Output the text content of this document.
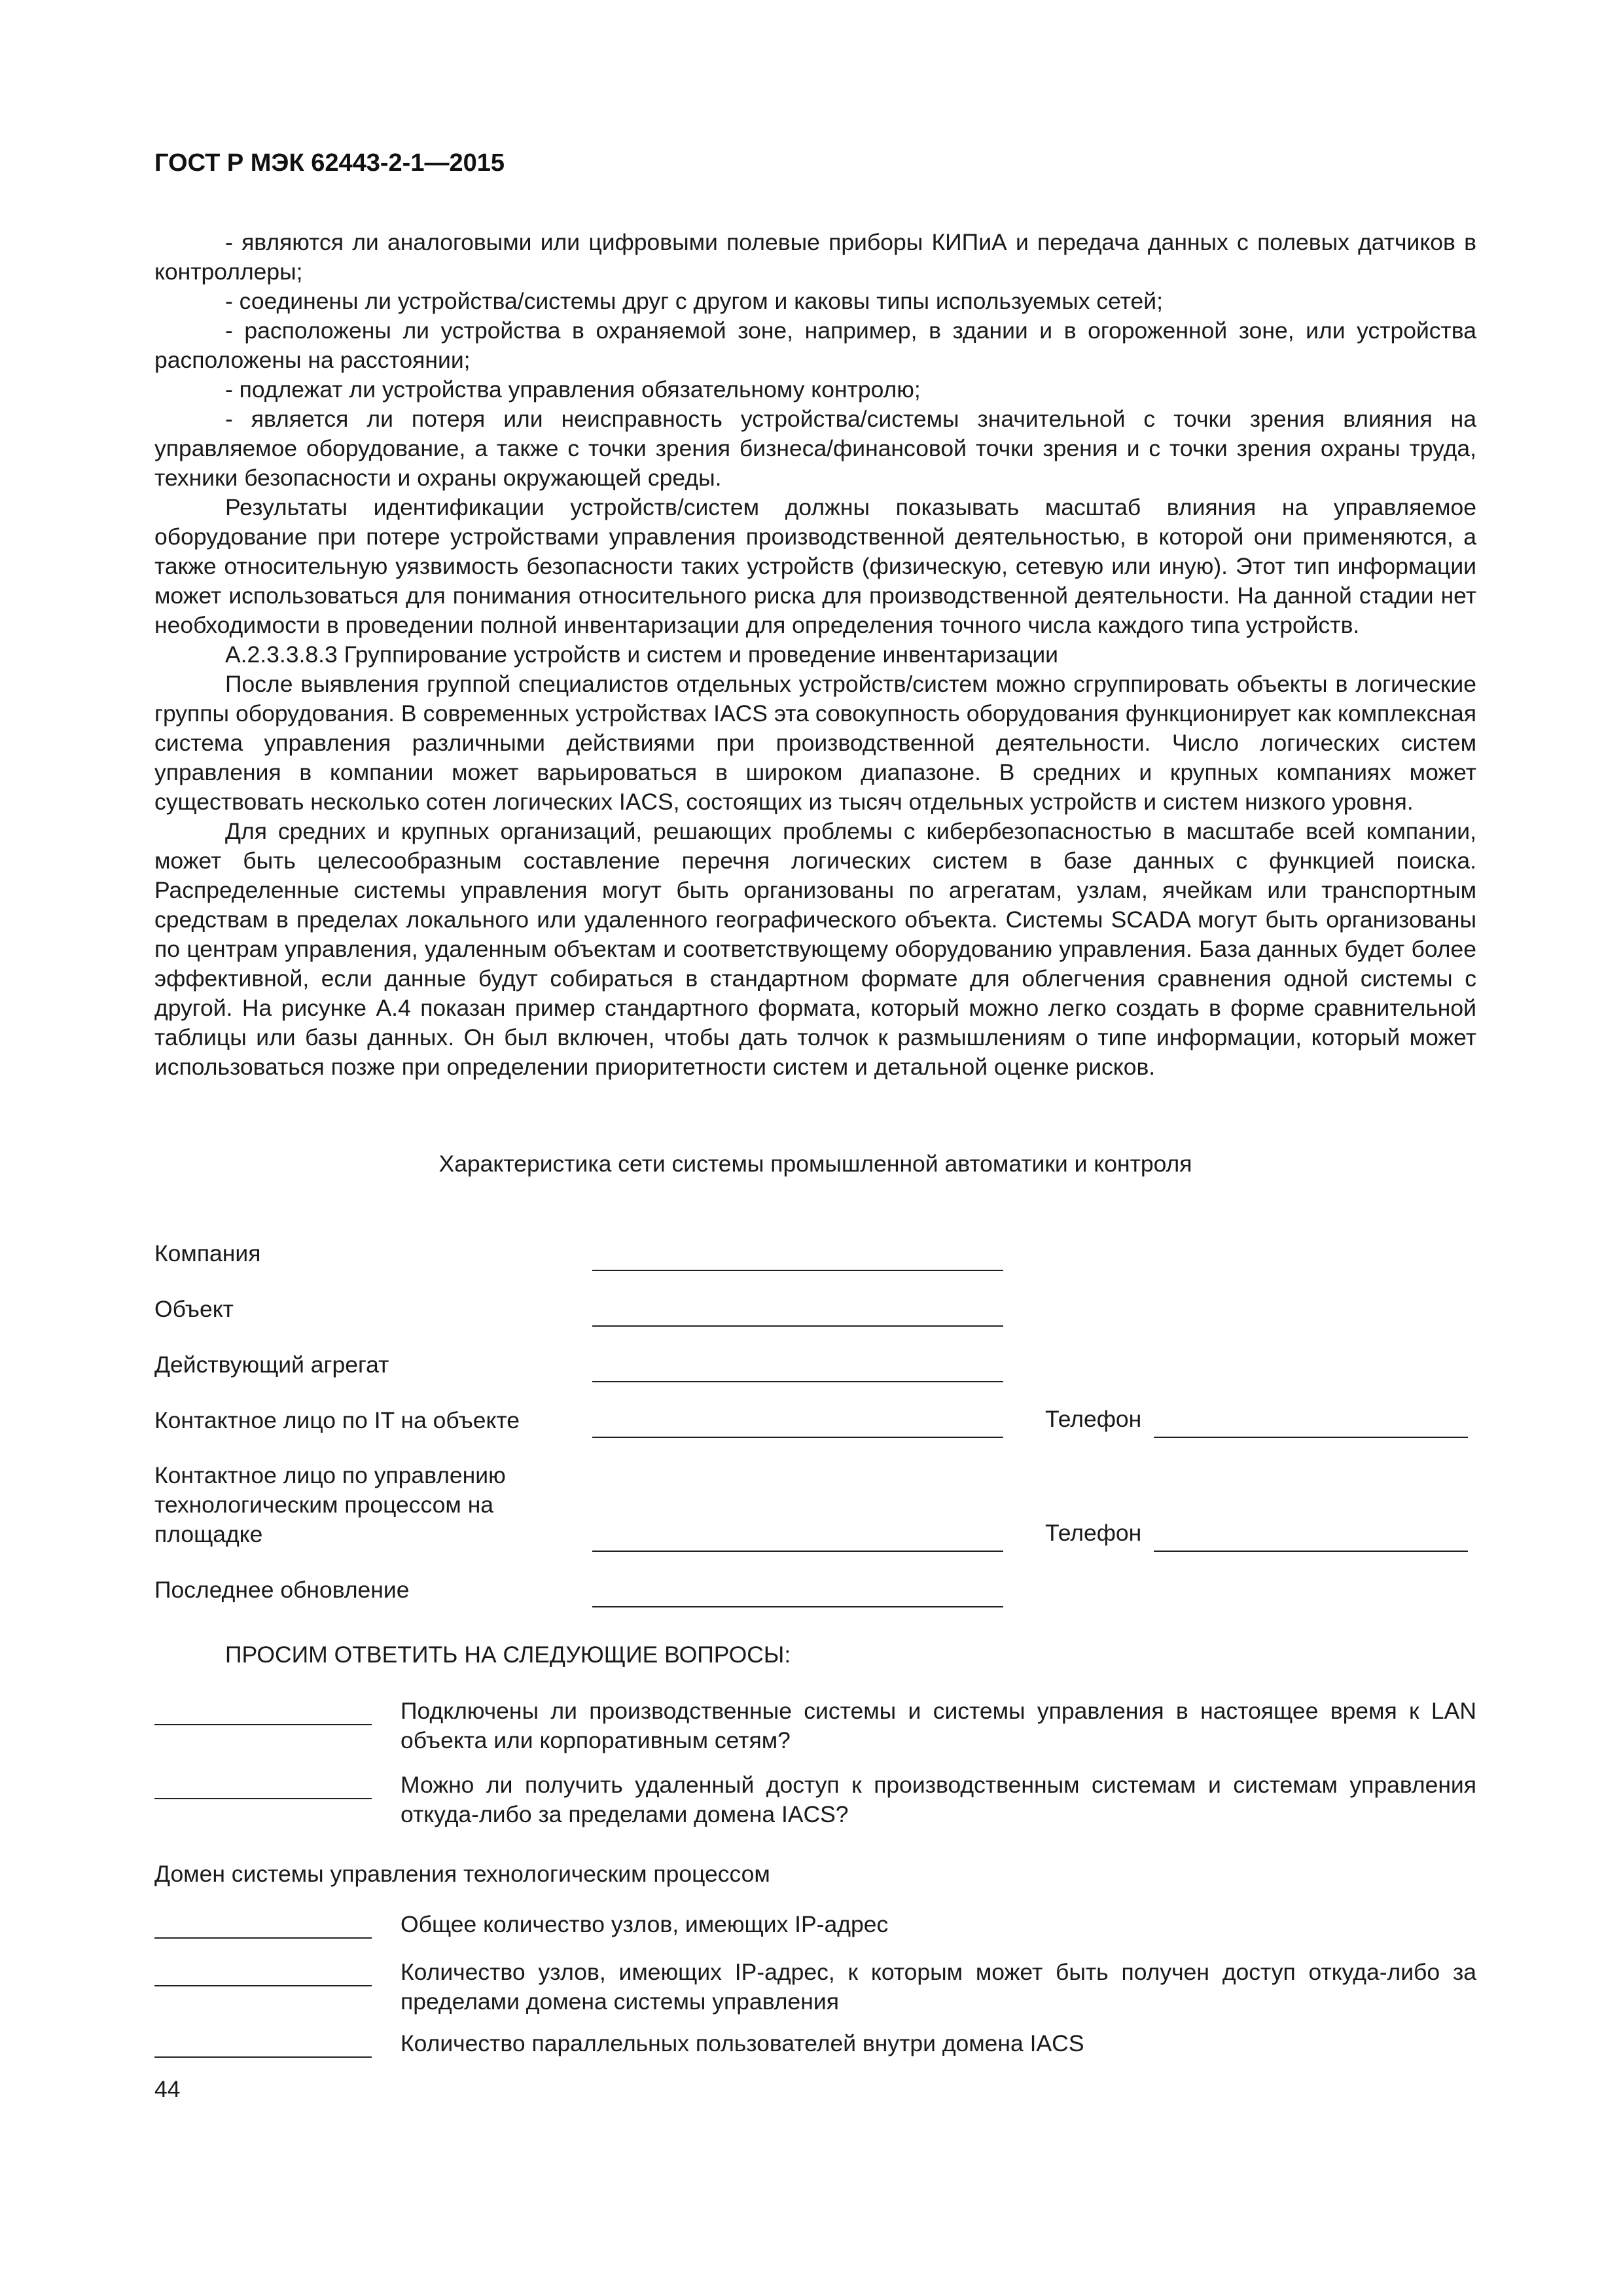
ГОСТ Р МЭК 62443-2-1—2015

- являются ли аналоговыми или цифровыми полевые приборы КИПиА и передача данных с полевых датчиков в контроллеры;

- соединены ли устройства/системы друг с другом и каковы типы используемых сетей;

- расположены ли устройства в охраняемой зоне, например, в здании и в огороженной зоне, или устройства расположены на расстоянии;

- подлежат ли устройства управления обязательному контролю;

- является ли потеря или неисправность устройства/системы значительной с точки зрения влияния на управляемое оборудование, а также с точки зрения бизнеса/финансовой точки зрения и с точки зрения охраны труда, техники безопасности и охраны окружающей среды.

Результаты идентификации устройств/систем должны показывать масштаб влияния на управляемое оборудование при потере устройствами управления производственной деятельностью, в которой они применяются, а также относительную уязвимость безопасности таких устройств (физическую, сетевую или иную). Этот тип информации может использоваться для понимания относительного риска для производственной деятельности. На данной стадии нет необходимости в проведении полной инвентаризации для определения точного числа каждого типа устройств.

А.2.3.3.8.3 Группирование устройств и систем и проведение инвентаризации

После выявления группой специалистов отдельных устройств/систем можно сгруппировать объекты в логические группы оборудования. В современных устройствах IACS эта совокупность оборудования функционирует как комплексная система управления различными действиями при производственной деятельности. Число логических систем управления в компании может варьироваться в широком диапазоне. В средних и крупных компаниях может существовать несколько сотен логических IACS, состоящих из тысяч отдельных устройств и систем низкого уровня.

Для средних и крупных организаций, решающих проблемы с кибербезопасностью в масштабе всей компании, может быть целесообразным составление перечня логических систем в базе данных с функцией поиска. Распределенные системы управления могут быть организованы по агрегатам, узлам, ячейкам или транспортным средствам в пределах локального или удаленного географического объекта. Системы SCADA могут быть организованы по центрам управления, удаленным объектам и соответствующему оборудованию управления. База данных будет более эффективной, если данные будут собираться в стандартном формате для облегчения сравнения одной системы с другой. На рисунке А.4 показан пример стандартного формата, который можно легко создать в форме сравнительной таблицы или базы данных. Он был включен, чтобы дать толчок к размышлениям о типе информации, который может использоваться позже при определении приоритетности систем и детальной оценке рисков.

Характеристика сети системы промышленной автоматики и контроля
Компания
Объект
Действующий агрегат
Контактное лицо по IT на объекте	Телефон
Контактное лицо по управлению
технологическим процессом на
площадке	Телефон
Последнее обновление
ПРОСИМ ОТВЕТИТЬ НА СЛЕДУЮЩИЕ ВОПРОСЫ:
Подключены ли производственные системы и системы управления в настоящее время к LAN объекта или корпоративным сетям?
Можно ли получить удаленный доступ к производственным системам и системам управления откуда-либо за пределами домена IACS?
Домен системы управления технологическим процессом
Общее количество узлов, имеющих IP-адрес
Количество узлов, имеющих IP-адрес, к которым может быть получен доступ откуда-либо за пределами домена системы управления
Количество параллельных пользователей внутри домена IACS
44
